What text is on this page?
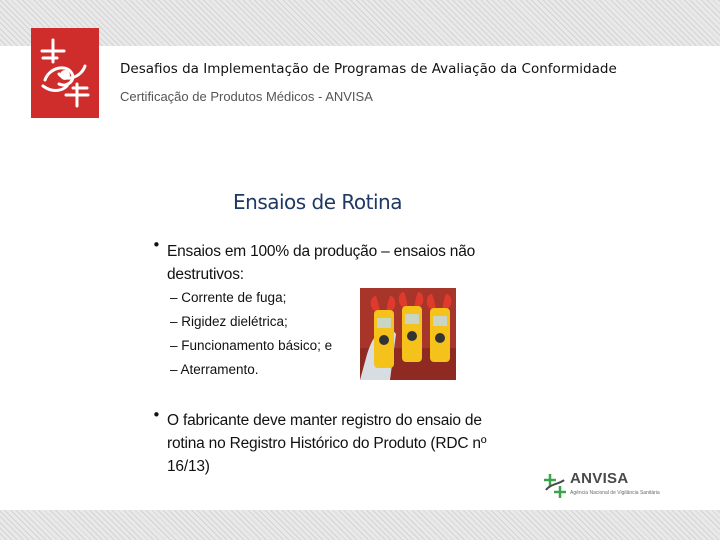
Desafios da Implementação de Programas de Avaliação da Conformidade
Certificação de Produtos Médicos - ANVISA
Ensaios de Rotina
• Ensaios em 100% da produção – ensaios não
destrutivos:
– Corrente de fuga;
– Rigidez dielétrica;
– Funcionamento básico; e
– Aterramento.
• O fabricante deve manter registro do ensaio de
rotina no Registro Histórico do Produto (RDC nº
16/13)
ANVISA
Agência Nacional de Vigilância Sanitária
